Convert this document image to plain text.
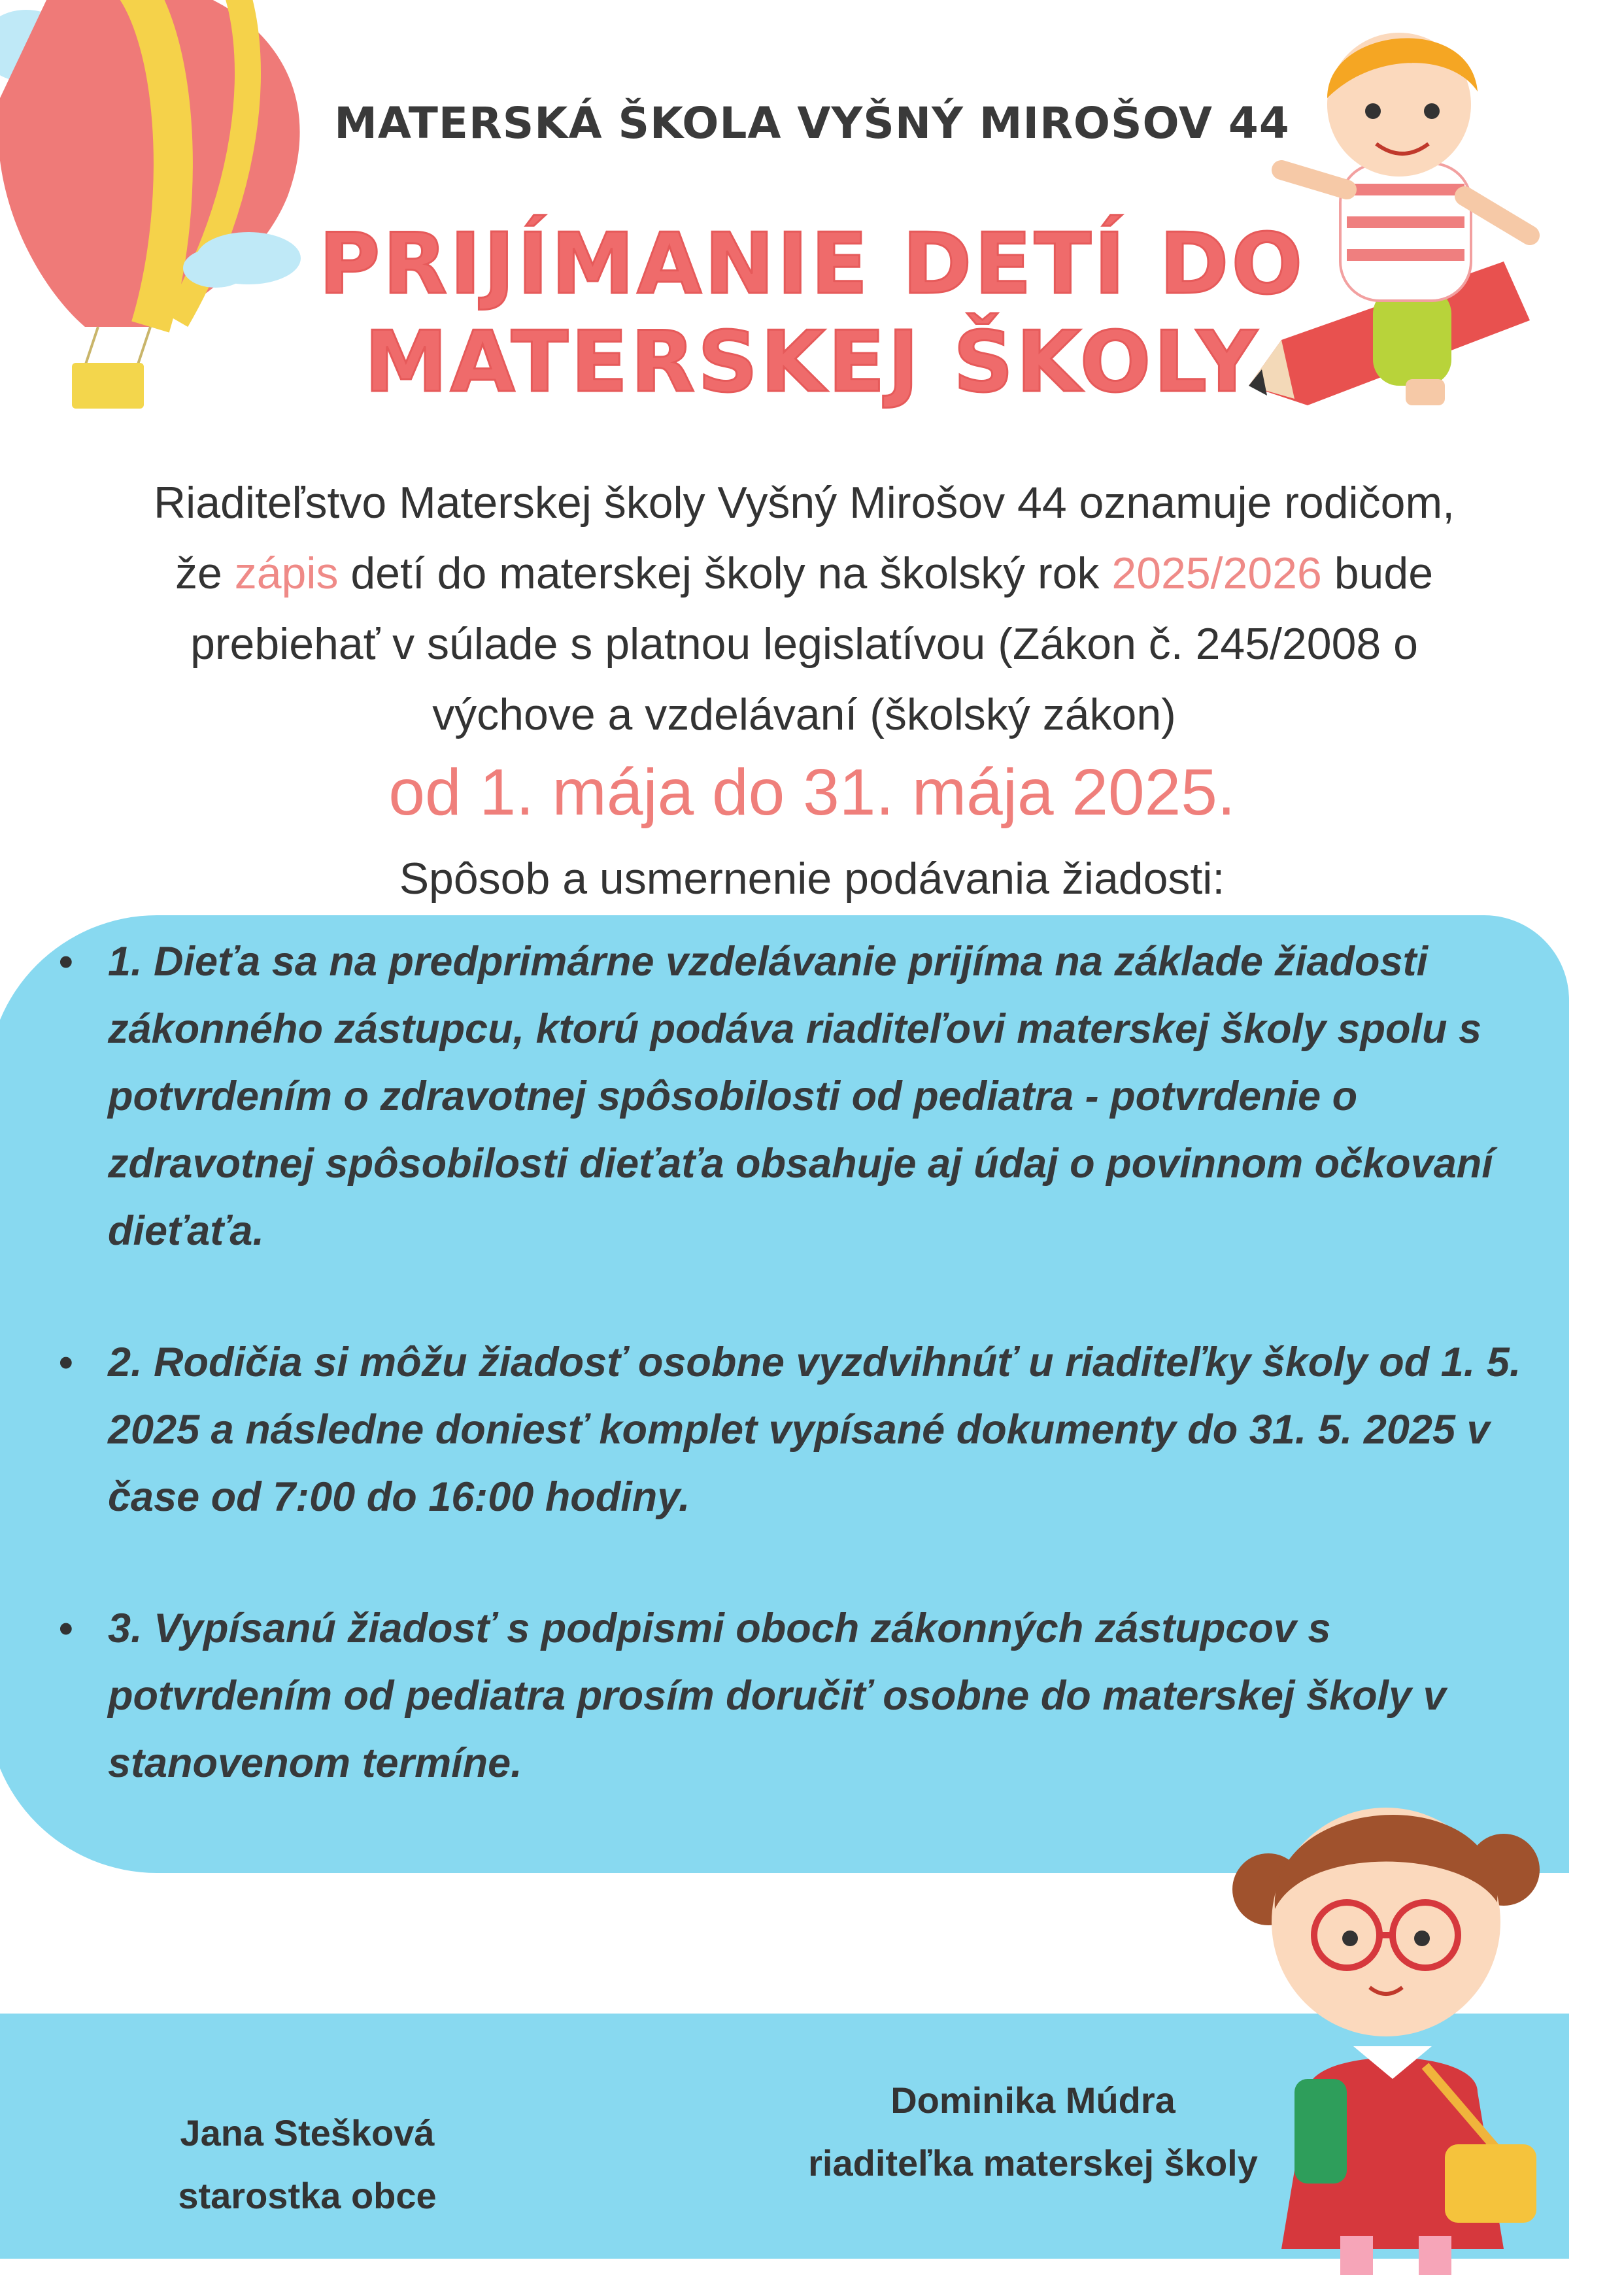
MATERSKÁ ŠKOLA VYŠNÝ MIROŠOV 44
PRIJÍMANIE DETÍ DO
MATERSKEJ ŠKOLY
Riaditeľstvo Materskej školy Vyšný Mirošov 44 oznamuje rodičom,
že zápis detí do materskej školy na školský rok 2025/2026 bude
prebiehať v súlade s platnou legislatívou (Zákon č. 245/2008 o
výchove a vzdelávaní (školský zákon)
od 1. mája do 31. mája 2025.
Spôsob a usmernenie podávania žiadosti:
• 1. Dieťa sa na predprimárne vzdelávanie prijíma na základe žiadosti zákonného zástupcu, ktorú podáva riaditeľovi materskej školy spolu s potvrdením o zdravotnej spôsobilosti od pediatra - potvrdenie o zdravotnej spôsobilosti dieťaťa obsahuje aj údaj o povinnom očkovaní dieťaťa.
• 2. Rodičia si môžu žiadosť osobne vyzdvihnúť u riaditeľky školy od 1. 5. 2025 a následne doniesť komplet vypísané dokumenty do 31. 5. 2025 v čase od 7:00 do 16:00 hodiny.
• 3. Vypísanú žiadosť s podpismi oboch zákonných zástupcov s potvrdením od pediatra prosím doručiť osobne do materskej školy v stanovenom termíne.
Jana Stešková
starostka obce
Dominika Múdra
riaditeľka materskej školy
